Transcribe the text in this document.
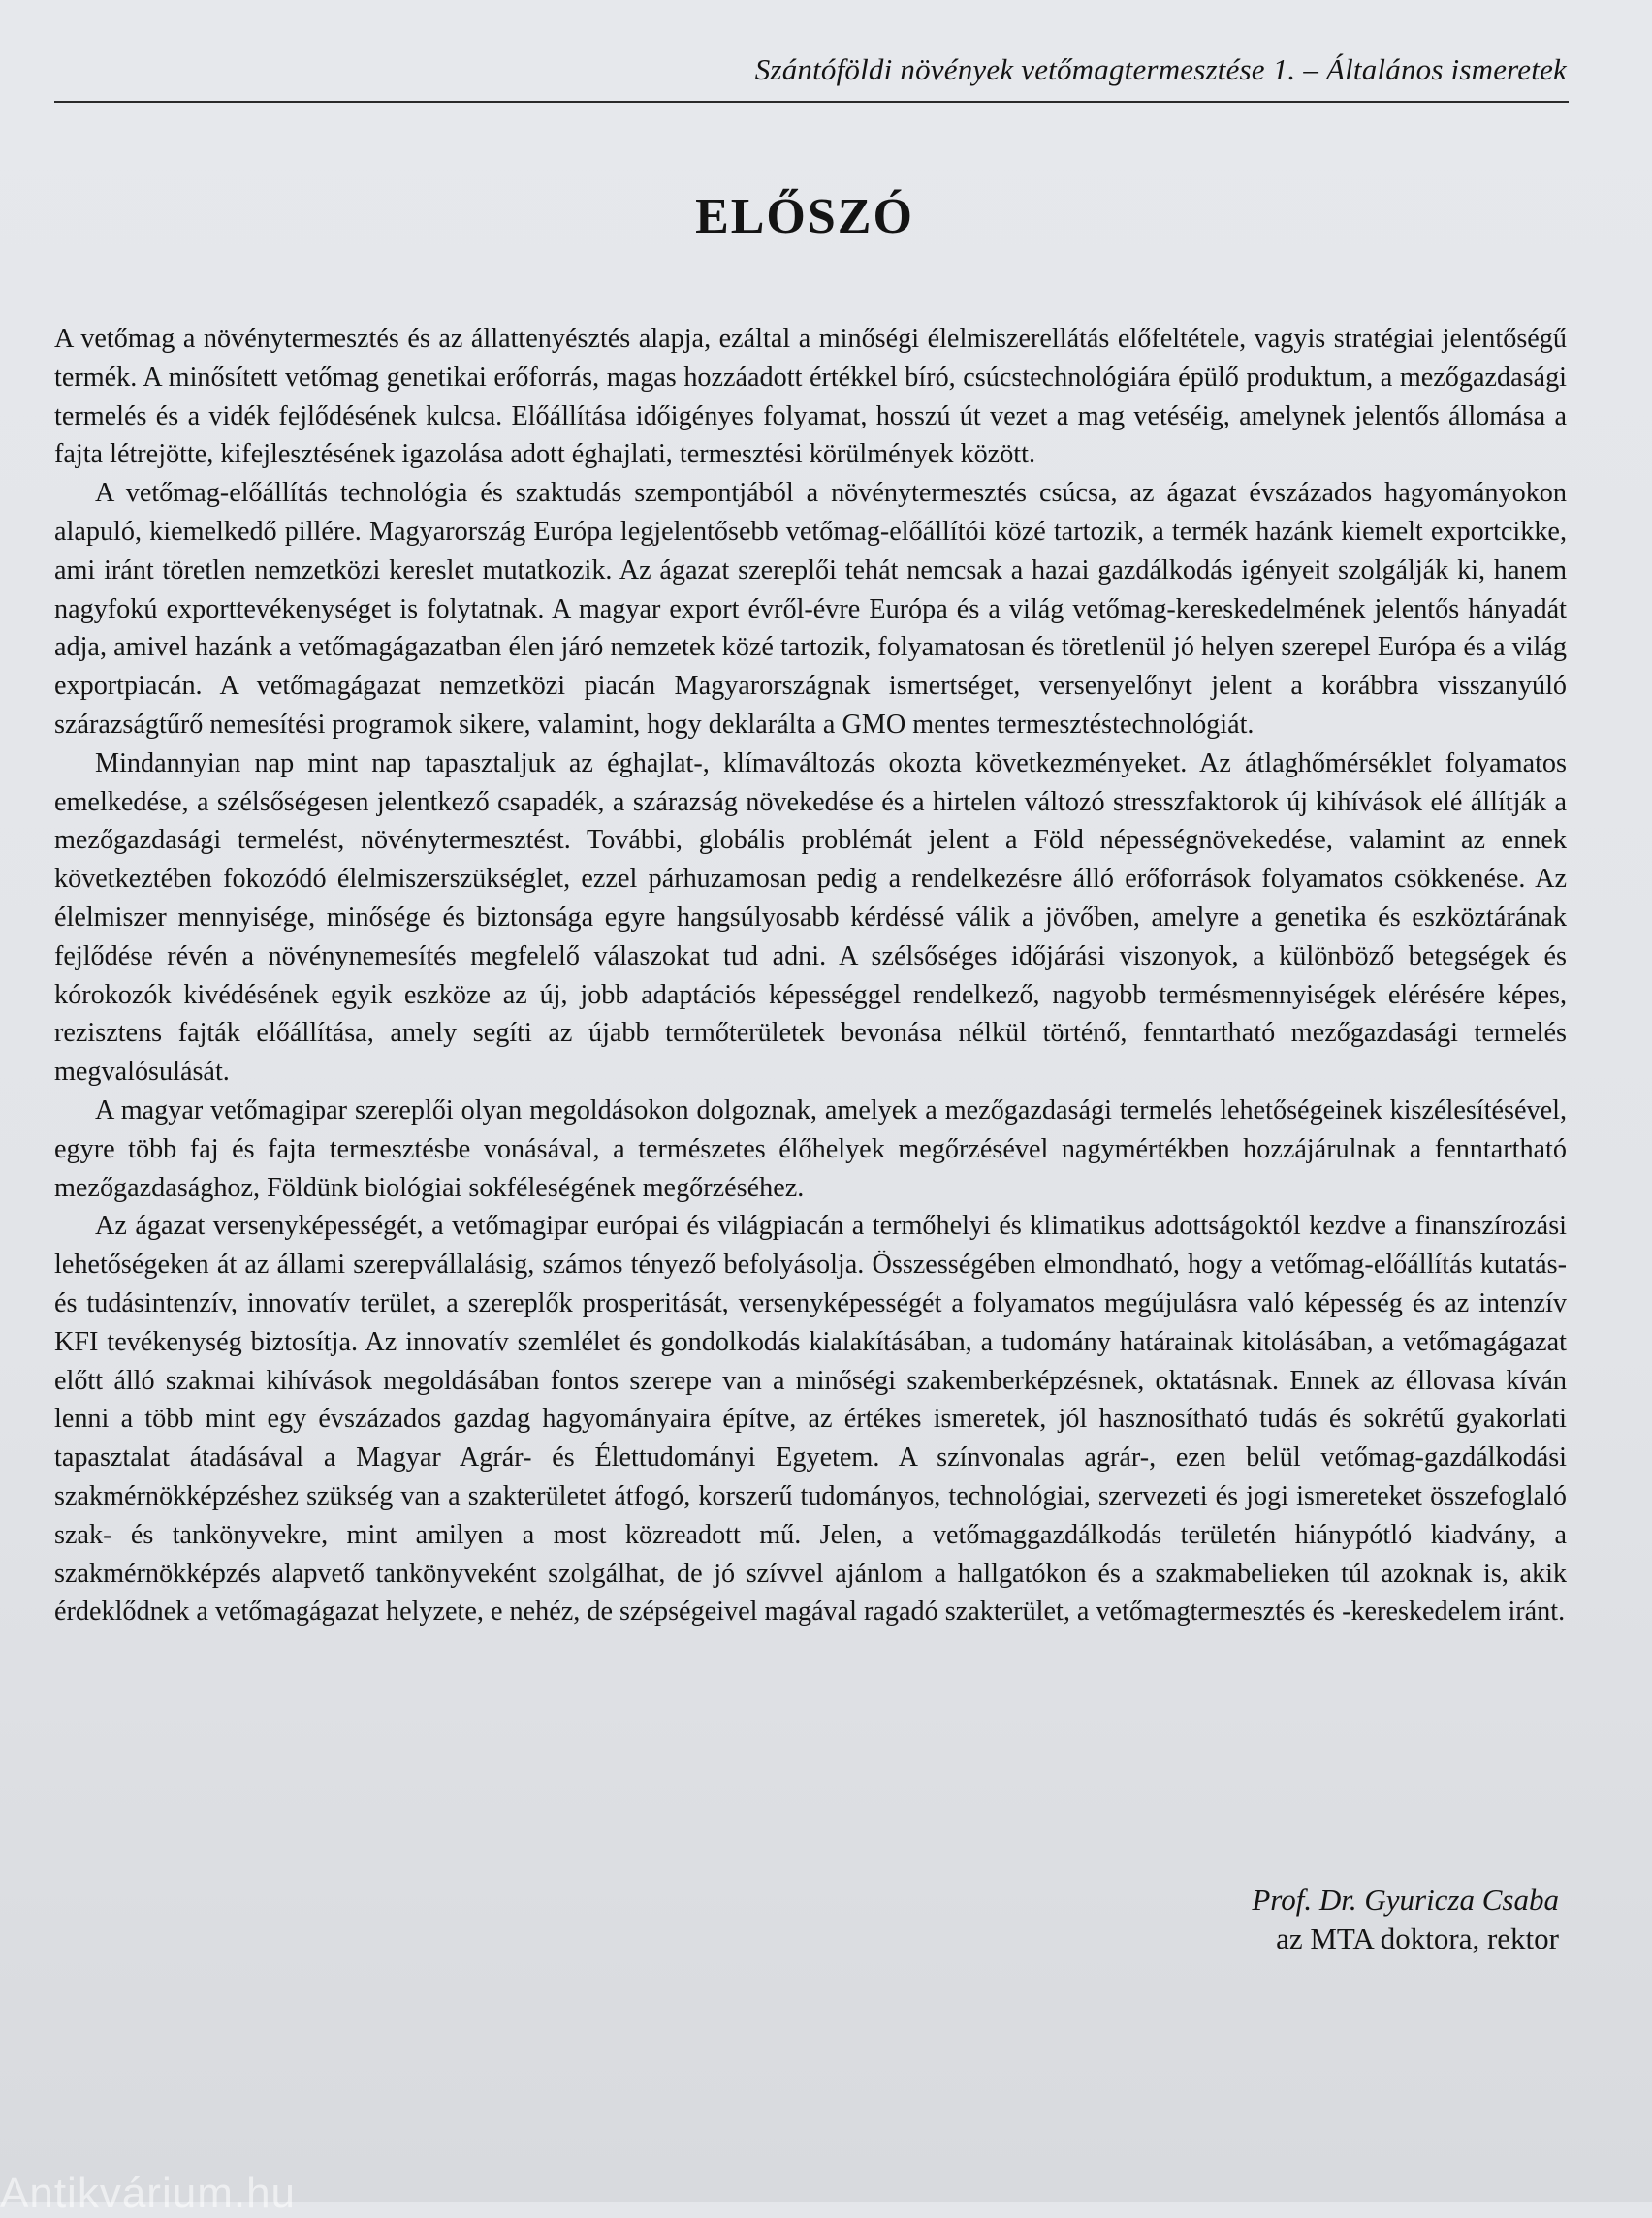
Szántóföldi növények vetőmagtermesztése 1. – Általános ismeretek
ELŐSZÓ

A vetőmag a növénytermesztés és az állattenyésztés alapja, ezáltal a minőségi élelmiszerellátás előfeltétele, vagyis stratégiai jelentőségű termék. A minősített vetőmag genetikai erőforrás, magas hozzáadott értékkel bíró, csúcstechnológiára épülő produktum, a mezőgazdasági termelés és a vidék fejlődésének kulcsa. Előállítása időigényes folyamat, hosszú út vezet a mag vetéséig, amelynek jelentős állomása a fajta létrejötte, kifejlesztésének igazolása adott éghajlati, termesztési körülmények között.

A vetőmag-előállítás technológia és szaktudás szempontjából a növénytermesztés csúcsa, az ágazat évszázados hagyományokon alapuló, kiemelkedő pillére. Magyarország Európa legjelentősebb vetőmag-előállítói közé tartozik, a termék hazánk kiemelt exportcikke, ami iránt töretlen nemzetközi kereslet mutatkozik. Az ágazat szereplői tehát nemcsak a hazai gazdálkodás igényeit szolgálják ki, hanem nagyfokú exporttevékenységet is folytatnak. A magyar export évről-évre Európa és a világ vetőmag-kereskedelmének jelentős hányadát adja, amivel hazánk a vetőmagágazatban élen járó nemzetek közé tartozik, folyamatosan és töretlenül jó helyen szerepel Európa és a világ exportpiacán. A vetőmagágazat nemzetközi piacán Magyarországnak ismertséget, versenyelőnyt jelent a korábbra visszanyúló szárazságtűrő nemesítési programok sikere, valamint, hogy deklarálta a GMO mentes termesztéstechnológiát.

Mindannyian nap mint nap tapasztaljuk az éghajlat-, klímaváltozás okozta következményeket. Az átlaghőmérséklet folyamatos emelkedése, a szélsőségesen jelentkező csapadék, a szárazság növekedése és a hirtelen változó stresszfaktorok új kihívások elé állítják a mezőgazdasági termelést, növénytermesztést. További, globális problémát jelent a Föld népességnövekedése, valamint az ennek következtében fokozódó élelmiszerszükséglet, ezzel párhuzamosan pedig a rendelkezésre álló erőforrások folyamatos csökkenése. Az élelmiszer mennyisége, minősége és biztonsága egyre hangsúlyosabb kérdéssé válik a jövőben, amelyre a genetika és eszköztárának fejlődése révén a növénynemesítés megfelelő válaszokat tud adni. A szélsőséges időjárási viszonyok, a különböző betegségek és kórokozók kivédésének egyik eszköze az új, jobb adaptációs képességgel rendelkező, nagyobb termésmennyiségek elérésére képes, rezisztens fajták előállítása, amely segíti az újabb termőterületek bevonása nélkül történő, fenntartható mezőgazdasági termelés megvalósulását.

A magyar vetőmagipar szereplői olyan megoldásokon dolgoznak, amelyek a mezőgazdasági termelés lehetőségeinek kiszélesítésével, egyre több faj és fajta termesztésbe vonásával, a természetes élőhelyek megőrzésével nagymértékben hozzájárulnak a fenntartható mezőgazdasághoz, Földünk biológiai sokféleségének megőrzéséhez.

Az ágazat versenyképességét, a vetőmagipar európai és világpiacán a termőhelyi és klimatikus adottságoktól kezdve a finanszírozási lehetőségeken át az állami szerepvállalásig, számos tényező befolyásolja. Összességében elmondható, hogy a vetőmag-előállítás kutatás- és tudásintenzív, innovatív terület, a szereplők prosperitását, versenyképességét a folyamatos megújulásra való képesség és az intenzív KFI tevékenység biztosítja. Az innovatív szemlélet és gondolkodás kialakításában, a tudomány határainak kitolásában, a vetőmagágazat előtt álló szakmai kihívások megoldásában fontos szerepe van a minőségi szakemberképzésnek, oktatásnak. Ennek az éllovasa kíván lenni a több mint egy évszázados gazdag hagyományaira építve, az értékes ismeretek, jól hasznosítható tudás és sokrétű gyakorlati tapasztalat átadásával a Magyar Agrár- és Élettudományi Egyetem. A színvonalas agrár-, ezen belül vetőmag-gazdálkodási szakmérnökképzéshez szükség van a szakterületet átfogó, korszerű tudományos, technológiai, szervezeti és jogi ismereteket összefoglaló szak- és tankönyvekre, mint amilyen a most közreadott mű. Jelen, a vetőmaggazdálkodás területén hiánypótló kiadvány, a szakmérnökképzés alapvető tankönyveként szolgálhat, de jó szívvel ajánlom a hallgatókon és a szakmabelieken túl azoknak is, akik érdeklődnek a vetőmagágazat helyzete, e nehéz, de szépségeivel magával ragadó szakterület, a vetőmagtermesztés és -kereskedelem iránt.

Prof. Dr. Gyuricza Csaba
az MTA doktora, rektor
Antikvárium.hu
